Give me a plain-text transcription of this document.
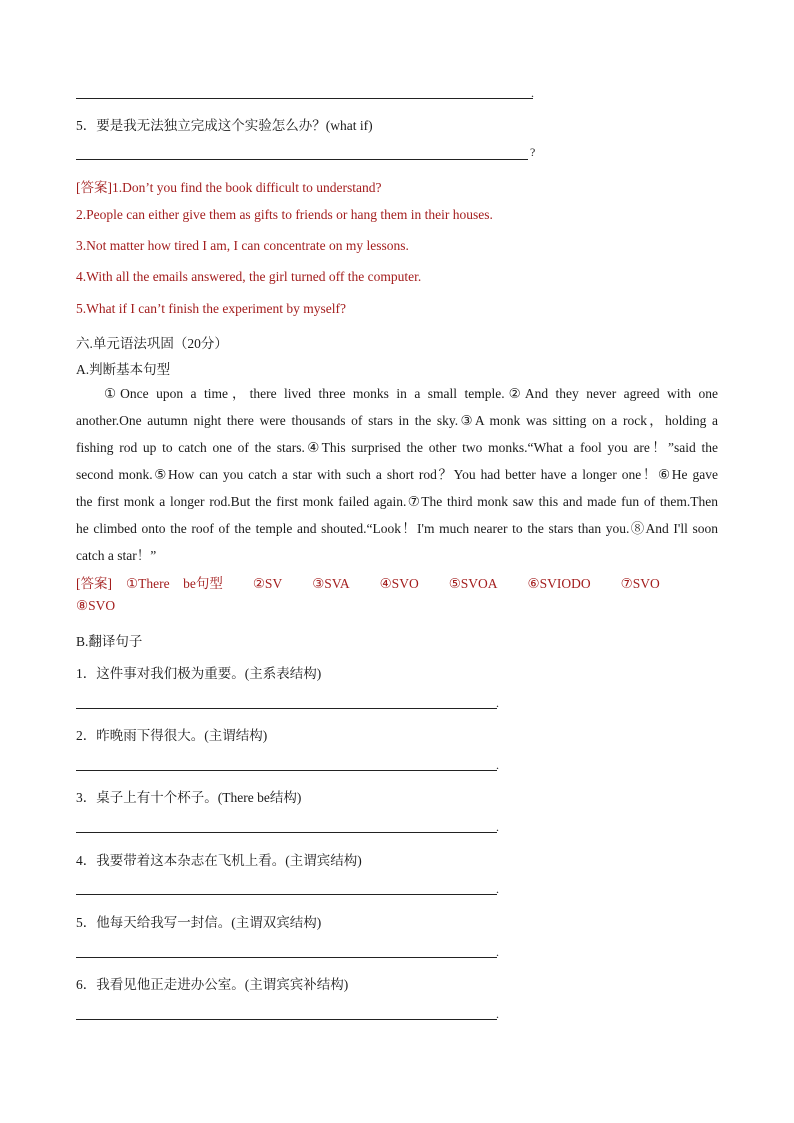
.
5．要是我无法独立完成这个实验怎么办？(what if)
?
[答案]1.Don’t you find the book difficult to understand?
2.People can either give them as gifts to friends or hang them in their houses.
3.Not matter how tired I am, I can concentrate on my lessons.
4.With all the emails answered, the girl turned off the computer.
5.What if I can’t finish the experiment by myself?
六.单元语法巩固（20分）
A.判断基本句型
①Once upon a time，there lived three monks in a small temple.②And they never agreed with one
another.One autumn night there were thousands of stars in the sky.③A monk was sitting on a rock，holding a
fishing rod up to catch one of the stars.④This surprised the other two monks.“What a fool you are！”said the
second monk.⑤How can you catch a star with such a short rod？You had better have a longer one！⑥He gave
the first monk a longer rod.But the first monk failed again.⑦The third monk saw this and made fun of them.Then
he climbed onto the roof of the temple and shouted.“Look！I'm much nearer to the stars than you.⑧And I'll soon
catch a star！”
[答案] ①There　be句型 ②SV ③SVA ④SVO ⑤SVOA ⑥SVIODO ⑦SVO
⑧SVO
B.翻译句子
1．这件事对我们极为重要。(主系表结构)
.
2．昨晚雨下得很大。(主谓结构)
.
3．桌子上有十个杯子。(There be结构)
.
4．我要带着这本杂志在飞机上看。(主谓宾结构)
.
5．他每天给我写一封信。(主谓双宾结构)
.
6．我看见他正走进办公室。(主谓宾宾补结构)
.
